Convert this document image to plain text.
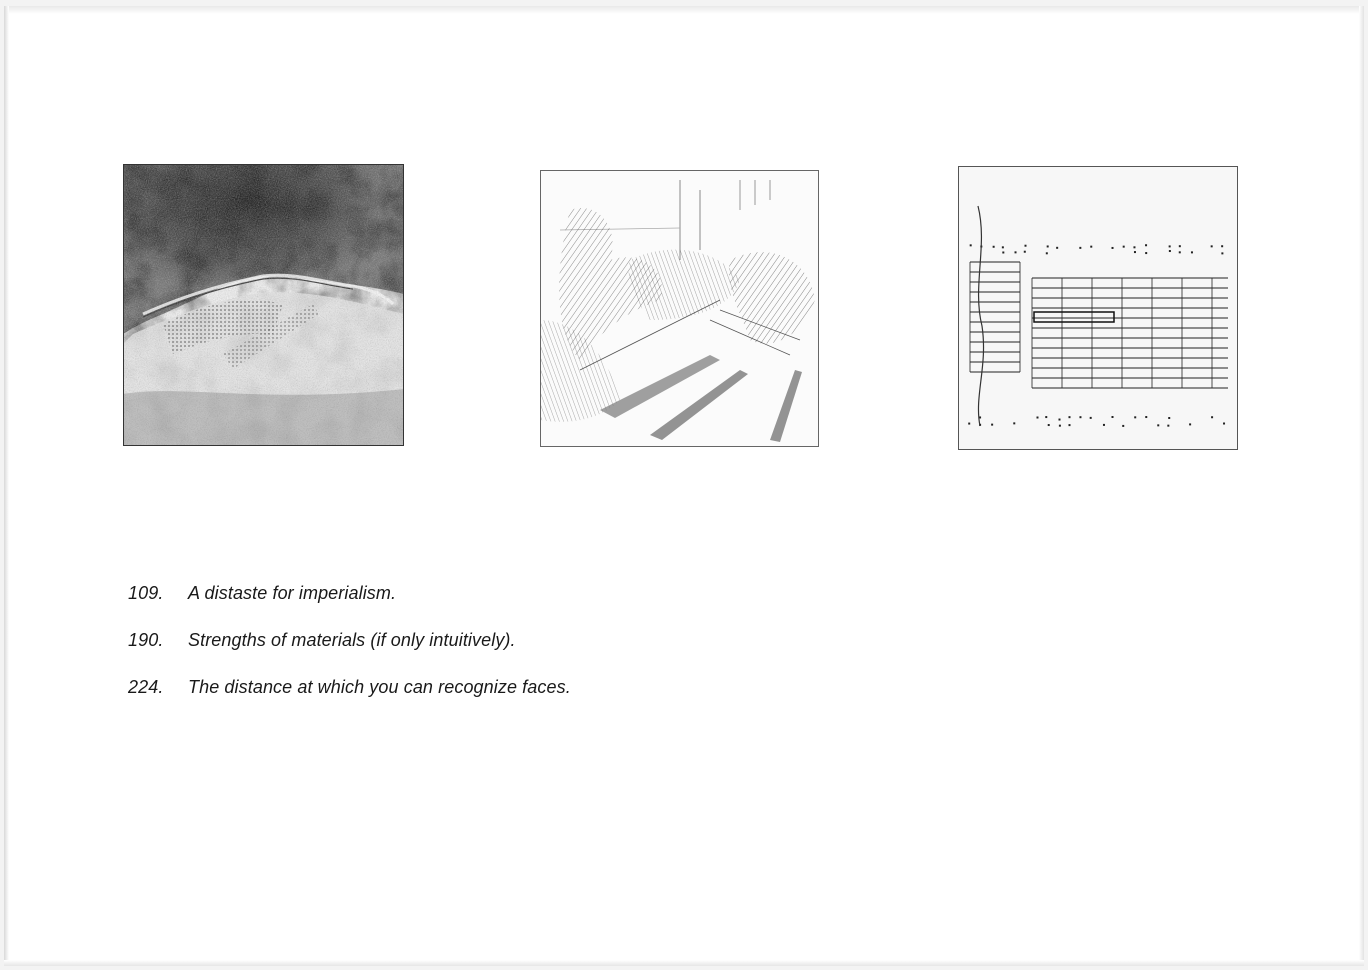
109.	A distaste for imperialism.
190.	Strengths of materials (if only intuitively).
224.	The distance at which you can recognize faces.
